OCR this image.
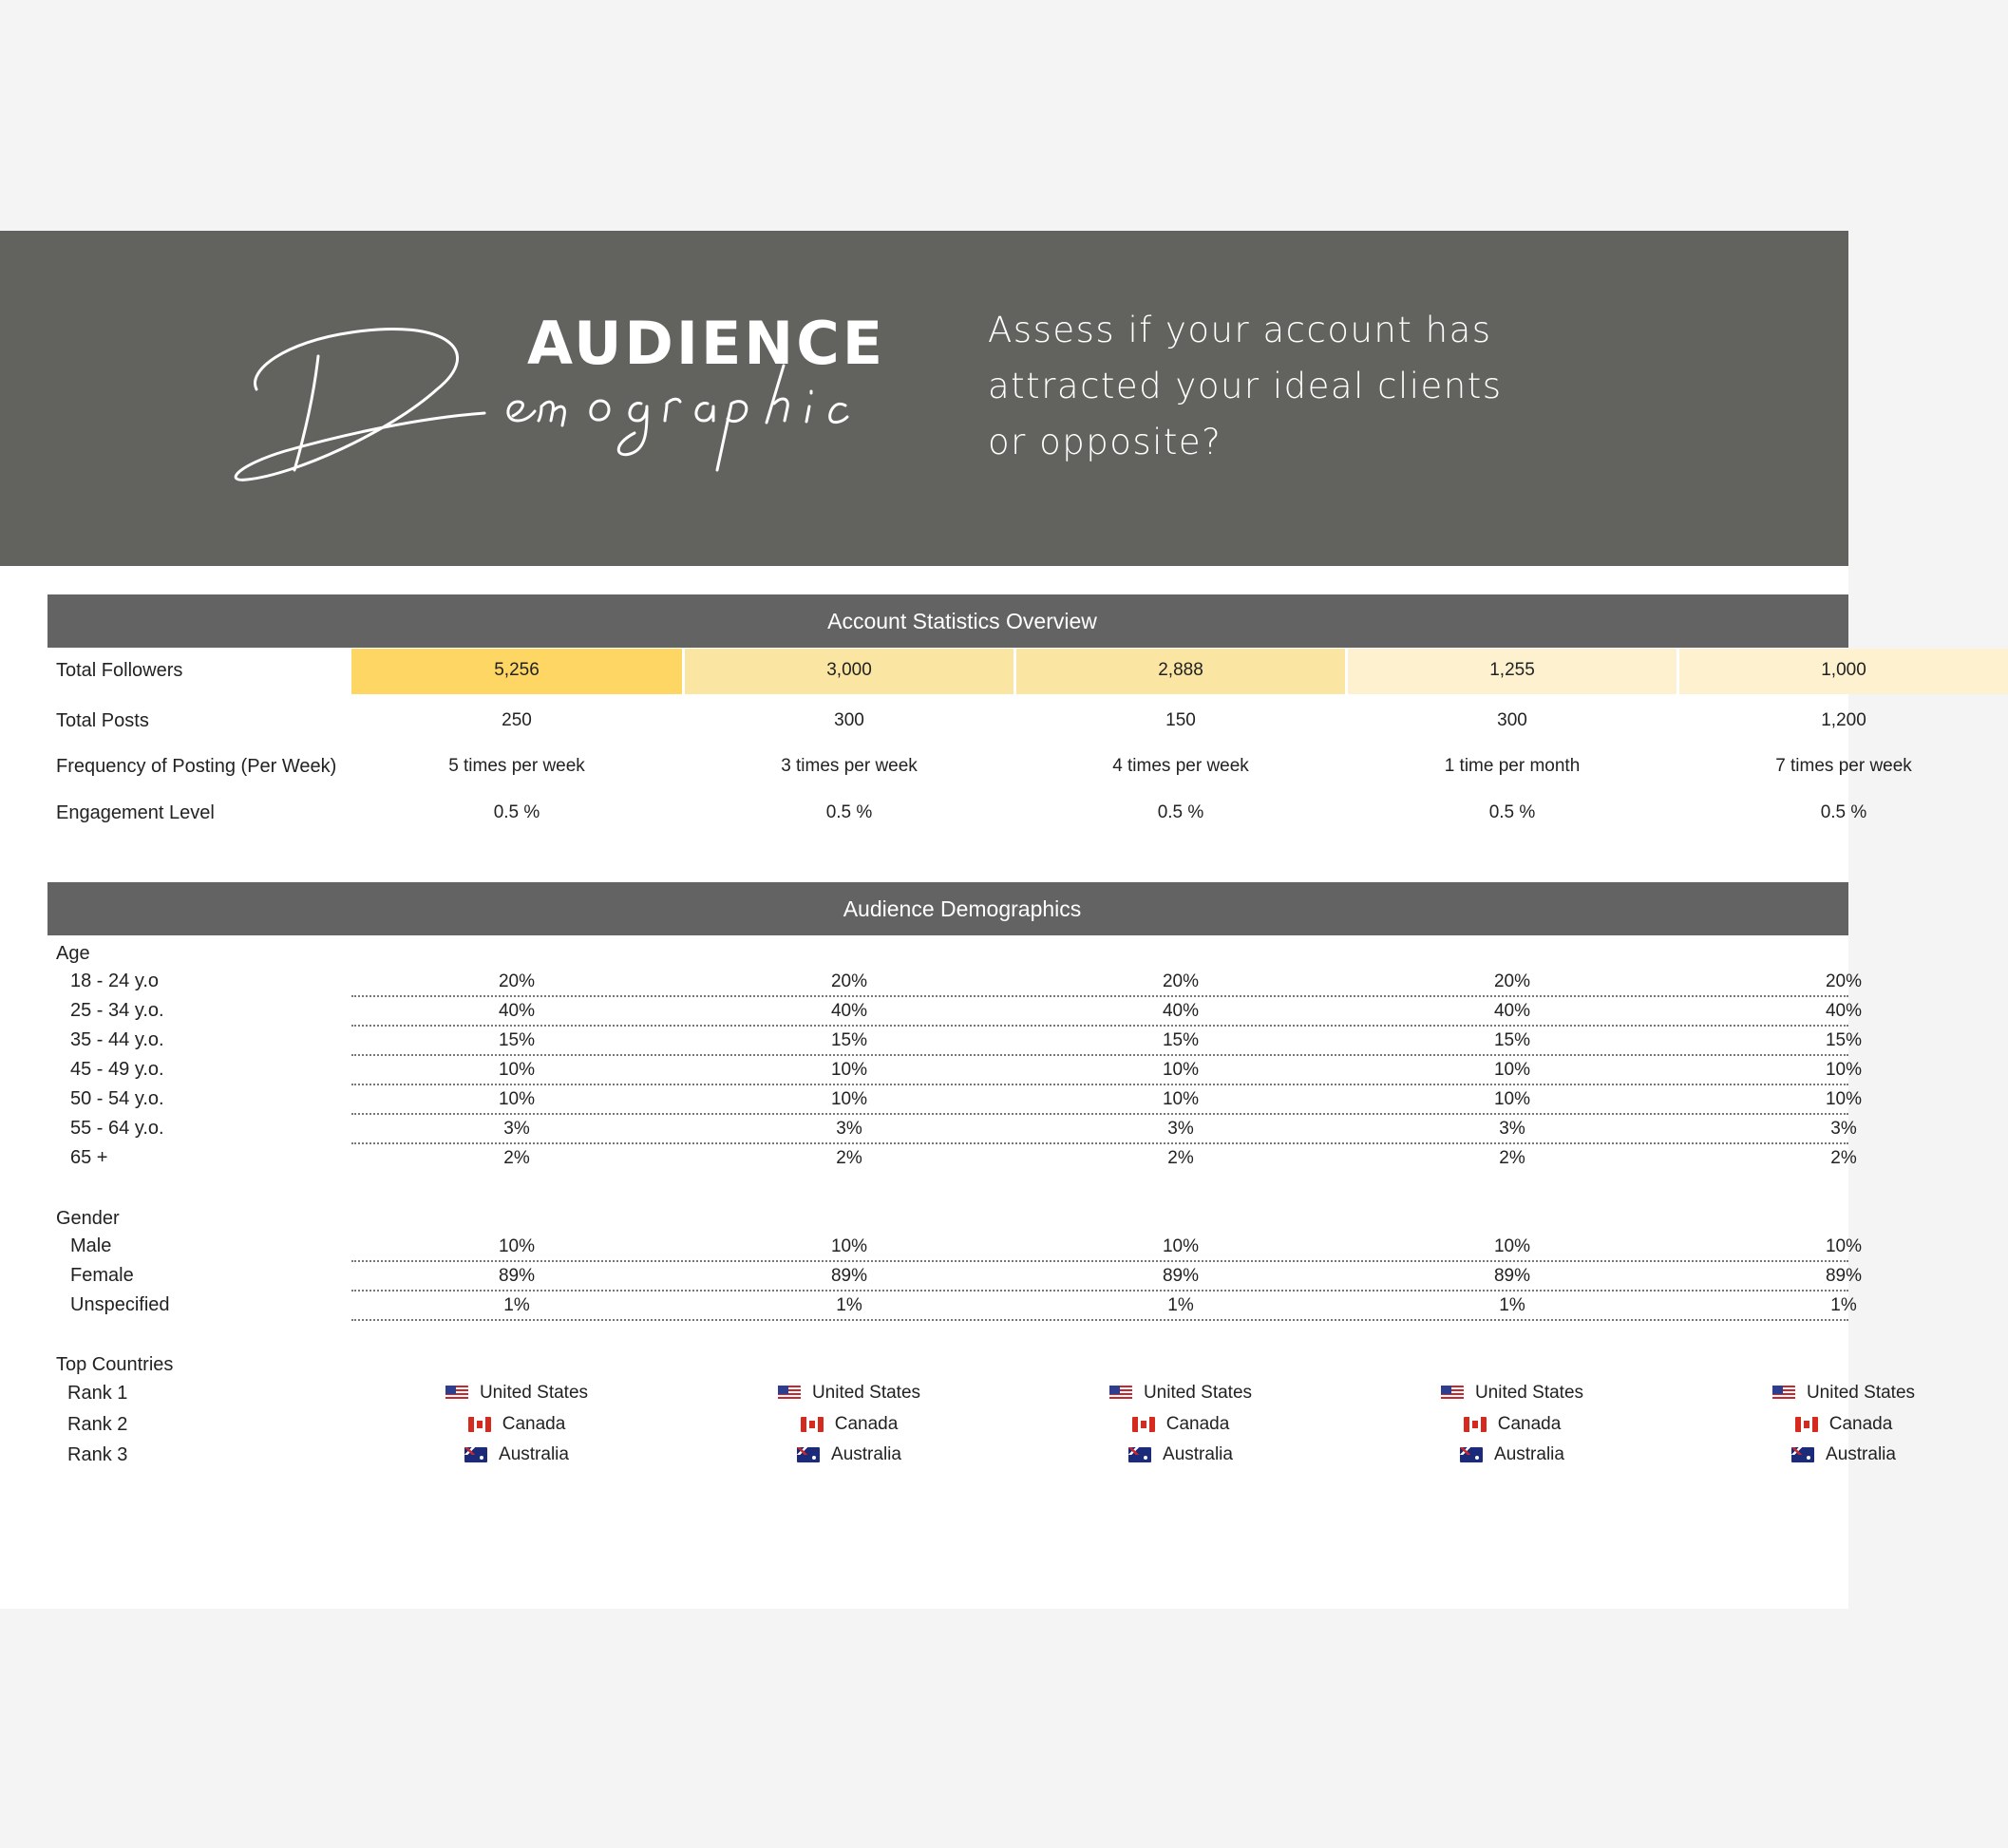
AUDIENCE	Assess if your account has attracted your ideal clients or opposite?
Account Statistics Overview
Total Followers	5,256	3,000	2,888	1,255	1,000
Total Posts	250	300	150	300	1,200
Frequency of Posting (Per Week)	5 times per week	3 times per week	4 times per week	1 time per month	7 times per week
Engagement Level	0.5 %	0.5 %	0.5 %	0.5 %	0.5 %
Audience Demographics
Age
18 - 24 y.o	20%	20%	20%	20%	20%
25 - 34 y.o.	40%	40%	40%	40%	40%
35 - 44 y.o.	15%	15%	15%	15%	15%
45 - 49 y.o.	10%	10%	10%	10%	10%
50 - 54 y.o.	10%	10%	10%	10%	10%
55 - 64 y.o.	3%	3%	3%	3%	3%
65 +	2%	2%	2%	2%	2%
Gender
Male	10%	10%	10%	10%	10%
Female	89%	89%	89%	89%	89%
Unspecified	1%	1%	1%	1%	1%
Top Countries
Rank 1	United States	United States	United States	United States	United States
Rank 2	Canada	Canada	Canada	Canada	Canada
Rank 3	Australia	Australia	Australia	Australia	Australia
